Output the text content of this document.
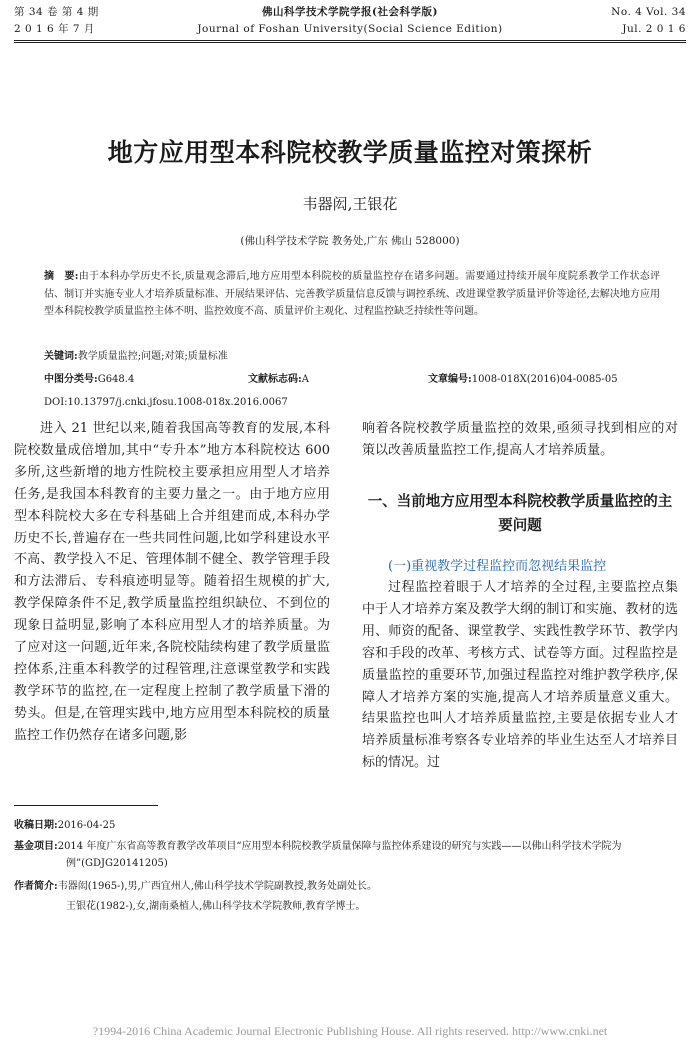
第 34 卷 第 4 期
2 0 1 6 年 7 月
佛山科学技术学院学报(社会科学版)
Journal of Foshan University(Social Science Edition)
No. 4 Vol. 34
Jul. 2 0 1 6
地方应用型本科院校教学质量监控对策探析
韦器闳,王银花
(佛山科学技术学院 教务处,广东 佛山 528000)
摘　要:由于本科办学历史不长,质量观念滞后,地方应用型本科院校的质量监控存在诸多问题。需要通过持续开展年度院系教学工作状态评估、制订并实施专业人才培养质量标准、开展结果评估、完善教学质量信息反馈与调控系统、改进课堂教学质量评价等途径,去解决地方应用型本科院校教学质量监控主体不明、监控效度不高、质量评价主观化、过程监控缺乏持续性等问题。
关键词:教学质量监控;问题;对策;质量标准
中图分类号:G648.4	文献标志码:A	文章编号:1008-018X(2016)04-0085-05
DOI:10.13797/j.cnki.jfosu.1008-018x.2016.0067

进入 21 世纪以来,随着我国高等教育的发展,本科院校数量成倍增加,其中“专升本”地方本科院校达 600 多所,这些新增的地方性院校主要承担应用型人才培养任务,是我国本科教育的主要力量之一。由于地方应用型本科院校大多在专科基础上合并组建而成,本科办学历史不长,普遍存在一些共同性问题,比如学科建设水平不高、教学投入不足、管理体制不健全、教学管理手段和方法滞后、专科痕迹明显等。随着招生规模的扩大,教学保障条件不足,教学质量监控组织缺位、不到位的现象日益明显,影响了本科应用型人才的培养质量。为了应对这一问题,近年来,各院校陆续构建了教学质量监控体系,注重本科教学的过程管理,注意课堂教学和实践教学环节的监控,在一定程度上控制了教学质量下滑的势头。但是,在管理实践中,地方应用型本科院校的质量监控工作仍然存在诸多问题,影

响着各院校教学质量监控的效果,亟须寻找到相应的对策以改善质量监控工作,提高人才培养质量。

一、当前地方应用型本科院校教学质量监控的主要问题
(一)重视教学过程监控而忽视结果监控

过程监控着眼于人才培养的全过程,主要监控点集中于人才培养方案及教学大纲的制订和实施、教材的选用、师资的配备、课堂教学、实践性教学环节、教学内容和手段的改革、考核方式、试卷等方面。过程监控是质量监控的重要环节,加强过程监控对维护教学秩序,保障人才培养方案的实施,提高人才培养质量意义重大。结果监控也叫人才培养质量监控,主要是依据专业人才培养质量标准考察各专业培养的毕业生达至人才培养目标的情况。过

收稿日期:2016-04-25
基金项目:2014 年度广东省高等教育教学改革项目“应用型本科院校教学质量保障与监控体系建设的研究与实践——以佛山科学技术学院为例”(GDJG20141205)
作者简介:韦器闳(1965-),男,广西宜州人,佛山科学技术学院副教授,教务处副处长。
王银花(1982-),女,湖南桑植人,佛山科学技术学院教师,教育学博士。
?1994-2016 China Academic Journal Electronic Publishing House. All rights reserved. http://www.cnki.net
